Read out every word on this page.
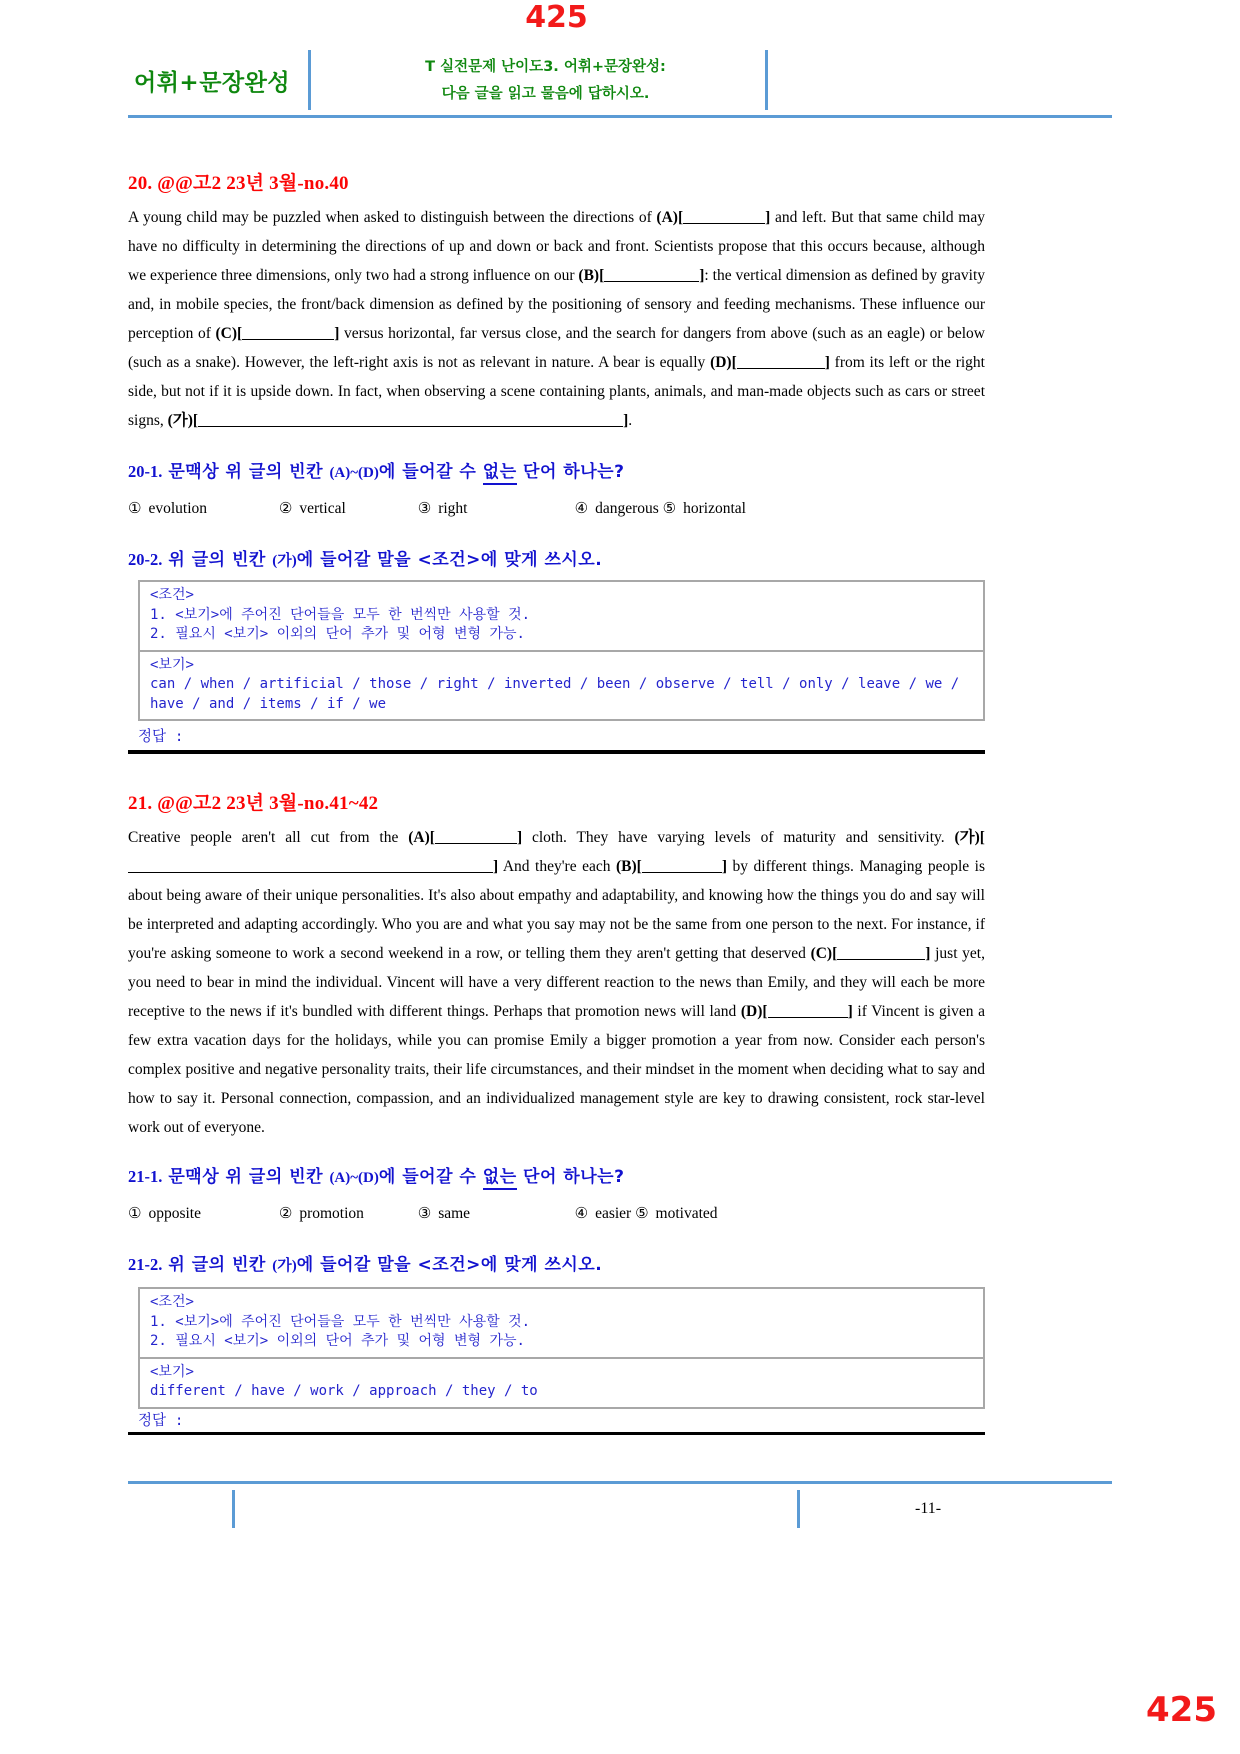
425
어휘+문장완성
T 실전문제 난이도3. 어휘+문장완성:
다음 글을 읽고 물음에 답하시오.
20. @@고2 23년 3월-no.40
A young child may be puzzled when asked to distinguish between the directions of (A)[	] and left. But that same child may have no difficulty in determining the directions of up and down or back and front. Scientists propose that this occurs because, although we experience three dimensions, only two had a strong influence on our (B)[	]: the vertical dimension as defined by gravity and, in mobile species, the front/back dimension as defined by the positioning of sensory and feeding mechanisms. These influence our perception of (C)[	] versus horizontal, far versus close, and the search for dangers from above (such as an eagle) or below (such as a snake). However, the left-right axis is not as relevant in nature. A bear is equally (D)[	] from its left or the right side, but not if it is upside down. In fact, when observing a scene containing plants, animals, and man-made objects such as cars or street signs, (가)[	].
20-1. 문맥상 위 글의 빈칸 (A)~(D)에 들어갈 수 없는 단어 하나는?
① evolution	② vertical	③ right	④ dangerous ⑤ horizontal
20-2. 위 글의 빈칸 (가)에 들어갈 말을 <조건>에 맞게 쓰시오.
<조건>
1. <보기>에 주어진 단어들을 모두 한 번씩만 사용할 것.
2. 필요시 <보기> 이외의 단어 추가 및 어형 변형 가능.
<보기>
can / when / artificial / those / right / inverted / been / observe / tell / only / leave / we / have / and / items / if / we
정답 :
21. @@고2 23년 3월-no.41~42
Creative people aren't all cut from the (A)[	] cloth. They have varying levels of maturity and sensitivity. (가)[] And they're each (B)[	] by different things. Managing people is about being aware of their unique personalities. It's also about empathy and adaptability, and knowing how the things you do and say will be interpreted and adapting accordingly. Who you are and what you say may not be the same from one person to the next. For instance, if you're asking someone to work a second weekend in a row, or telling them they aren't getting that deserved (C)[	] just yet, you need to bear in mind the individual. Vincent will have a very different reaction to the news than Emily, and they will each be more receptive to the news if it's bundled with different things. Perhaps that promotion news will land (D)[	] if Vincent is given a few extra vacation days for the holidays, while you can promise Emily a bigger promotion a year from now. Consider each person's complex positive and negative personality traits, their life circumstances, and their mindset in the moment when deciding what to say and how to say it. Personal connection, compassion, and an individualized management style are key to drawing consistent, rock star-level work out of everyone.
21-1. 문맥상 위 글의 빈칸 (A)~(D)에 들어갈 수 없는 단어 하나는?
① opposite	② promotion	③ same	④ easier ⑤ motivated
21-2. 위 글의 빈칸 (가)에 들어갈 말을 <조건>에 맞게 쓰시오.
<조건>
1. <보기>에 주어진 단어들을 모두 한 번씩만 사용할 것.
2. 필요시 <보기> 이외의 단어 추가 및 어형 변형 가능.
<보기>
different / have / work / approach / they / to
정답 :
-11-
425
